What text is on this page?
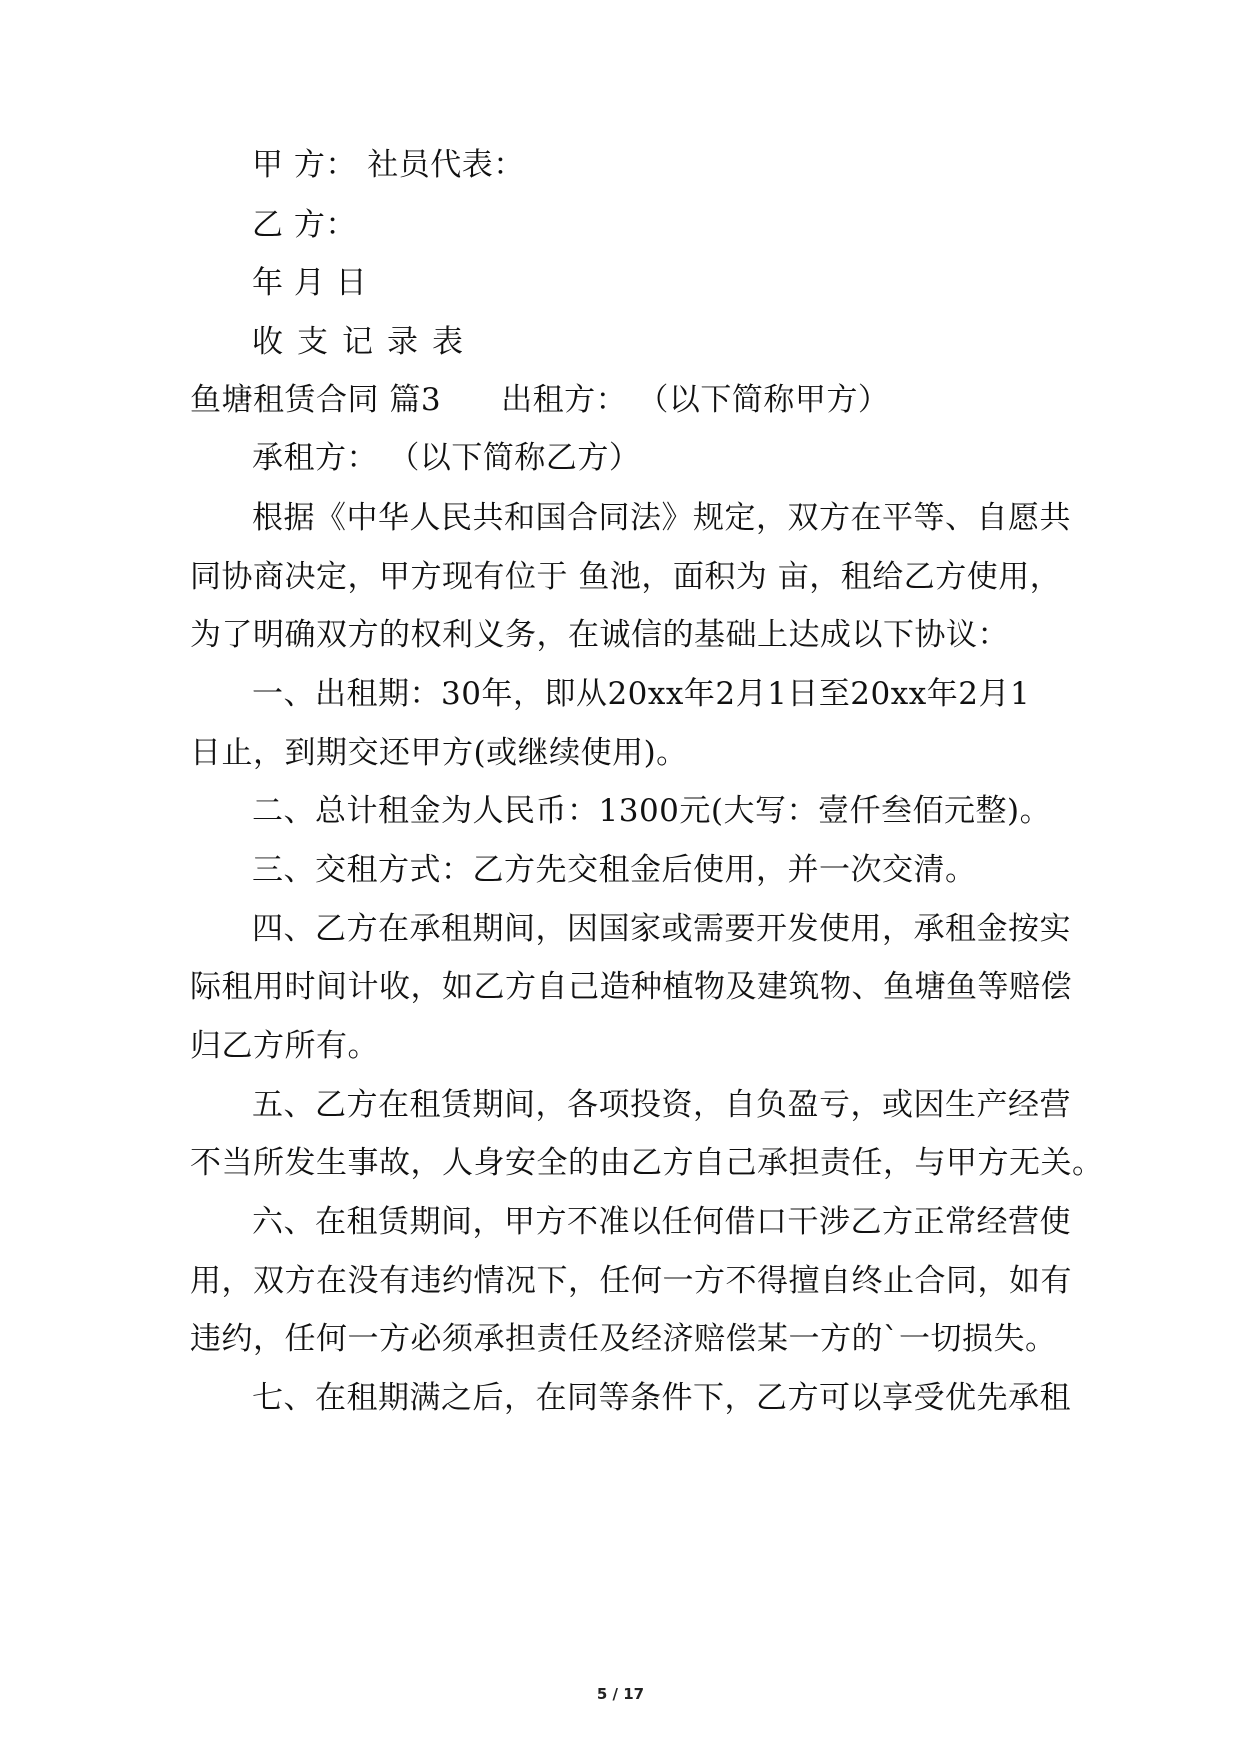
甲 方： 社员代表：
乙 方：
年 月 日
收支记录表
鱼塘租赁合同 篇3 出租方： （以下简称甲方）
承租方： （以下简称乙方）
根据《中华人民共和国合同法》规定，双方在平等、自愿共
同协商决定，甲方现有位于 鱼池，面积为 亩，租给乙方使用，
为了明确双方的权利义务，在诚信的基础上达成以下协议：
一、出租期：30年，即从20xx年2月1日至20xx年2月1
日止，到期交还甲方(或继续使用)。
二、总计租金为人民币：1300元(大写：壹仟叁佰元整)。
三、交租方式：乙方先交租金后使用，并一次交清。
四、乙方在承租期间，因国家或需要开发使用，承租金按实
际租用时间计收，如乙方自己造种植物及建筑物、鱼塘鱼等赔偿
归乙方所有。
五、乙方在租赁期间，各项投资，自负盈亏，或因生产经营
不当所发生事故，人身安全的由乙方自己承担责任，与甲方无关。
六、在租赁期间，甲方不准以任何借口干涉乙方正常经营使
用，双方在没有违约情况下，任何一方不得擅自终止合同，如有
违约，任何一方必须承担责任及经济赔偿某一方的`一切损失。
七、在租期满之后，在同等条件下，乙方可以享受优先承租
5 / 17
